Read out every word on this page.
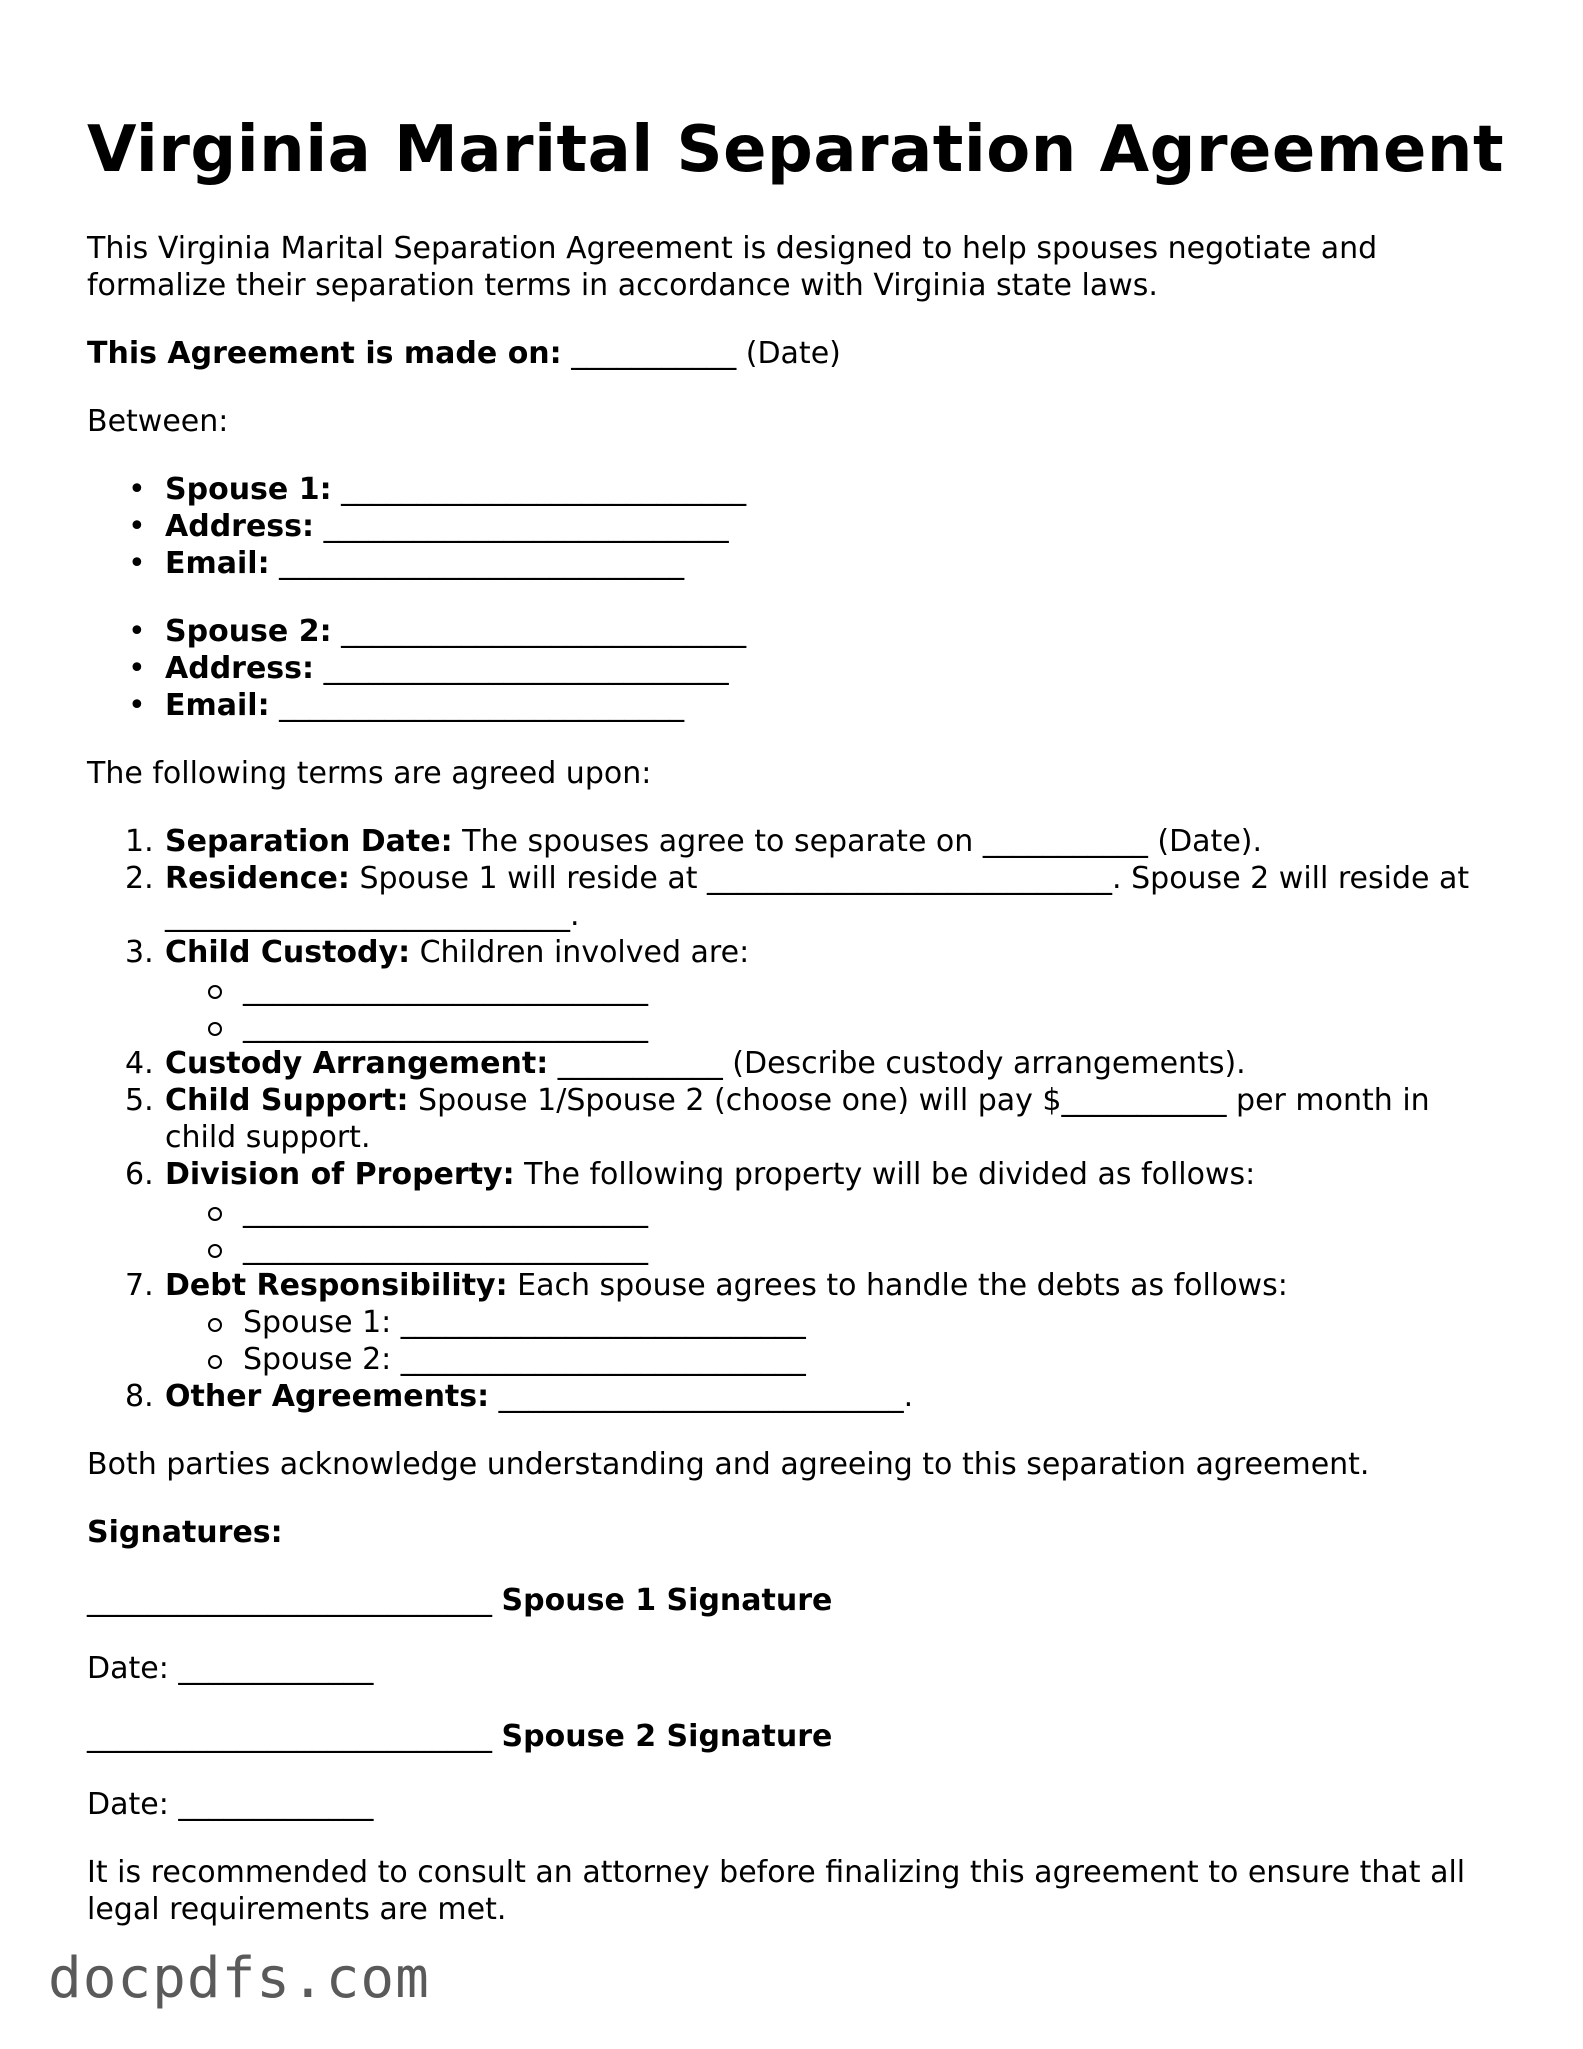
Virginia Marital Separation Agreement

This Virginia Marital Separation Agreement is designed to help spouses negotiate and formalize their separation terms in accordance with Virginia state laws.

This Agreement is made on: ___________ (Date)

Between:

• Spouse 1: ___________________________
• Address: ___________________________
• Email: ___________________________
• Spouse 2: ___________________________
• Address: ___________________________
• Email: ___________________________

The following terms are agreed upon:

1. Separation Date: The spouses agree to separate on ___________ (Date).
2. Residence: Spouse 1 will reside at ___________________________. Spouse 2 will reside at ___________________________.
3. Child Custody: Children involved are:
___________________________
___________________________
4. Custody Arrangement: ___________ (Describe custody arrangements).
5. Child Support: Spouse 1/Spouse 2 (choose one) will pay $___________ per month in child support.
6. Division of Property: The following property will be divided as follows:
___________________________
___________________________
7. Debt Responsibility: Each spouse agrees to handle the debts as follows:
Spouse 1: ___________________________
Spouse 2: ___________________________
8. Other Agreements: ___________________________.

Both parties acknowledge understanding and agreeing to this separation agreement.

Signatures:

___________________________ Spouse 1 Signature

Date: _____________

___________________________ Spouse 2 Signature

Date: _____________

It is recommended to consult an attorney before finalizing this agreement to ensure that all legal requirements are met.

docpdfs.com
